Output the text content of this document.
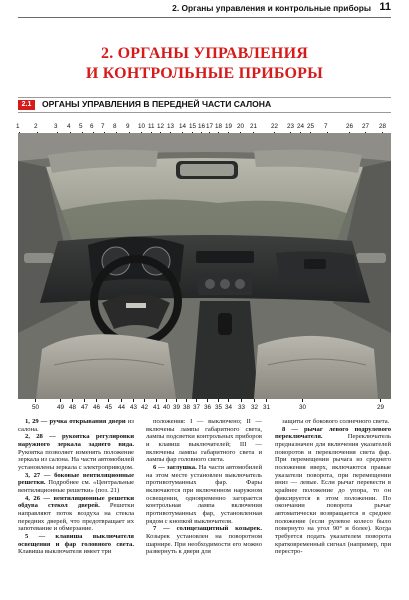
2. Органы управления и контрольные приборы 11
2. ОРГАНЫ УПРАВЛЕНИЯ
И КОНТРОЛЬНЫЕ ПРИБОРЫ
2.1	ОРГАНЫ УПРАВЛЕНИЯ В ПЕРЕДНЕЙ ЧАСТИ САЛОНА
1 2	3 4 5 6 7 8 9 10 11 12 13 14 15 16 17 18 19 20 21 22 23 24 25 7	26 27 28
50	49 48 47 46 45 44 43 42 41 40 39 38 37 36 35 34 33 32 31	30	29

1, 29 — ручка открывания двери из салона.

2, 28 — рукоятка регулировки наружного зеркала заднего вида. Рукоятка позволяет изменять положение зеркала из салона. На части автомобилей установлены зеркала с электроприводом.

3, 27 — боковые вентиляционные решетки. Подробнее см. «Центральные вентиляционные решетки» (поз. 21)

4, 26 — вентиляционные решетки обдува стекол дверей. Решетки направляют поток воздуха на стекла передних дверей, что предотвращает их запотевание и обмерзание.

5 — клавиша выключателя освещения и фар головного света. Клавиша выключателя имеет три

положения: I — выключено; II — включены лампы габаритного света, лампы подсветки контрольных приборов и клавиш выключателей; III — включены лампы габаритного света и лампы фар головного света.

6 — заглушка. На части автомобилей на этом месте установлен выключатель противотуманных фар. Фары включаются при включенном наружном освещении, одновременно загорается контрольная лампа включения противотуманных фар, установленная рядом с кнопкой выключателя.

7 — солнцезащитный козырек. Козырек установлен на поворотном шарнире. При необходимости его можно развернуть к двери для

защиты от бокового солнечного света.

8 — рычаг левого подрулевого переключателя. Переключатель предназначен для включения указателей поворотов и переключения света фар. При перемещении рычага из среднего положения вверх, включаются правые указатели поворота, при перемещении вниз — левые. Если рычаг перевести в крайнее положение до упора, то он фиксируется в этом положении. По окончании поворота рычаг автоматически возвращается в среднее положение (если рулевое колесо было повернуто на угол 90° и более). Когда требуется подать указателем поворота кратковременный сигнал (например, при перестро-
